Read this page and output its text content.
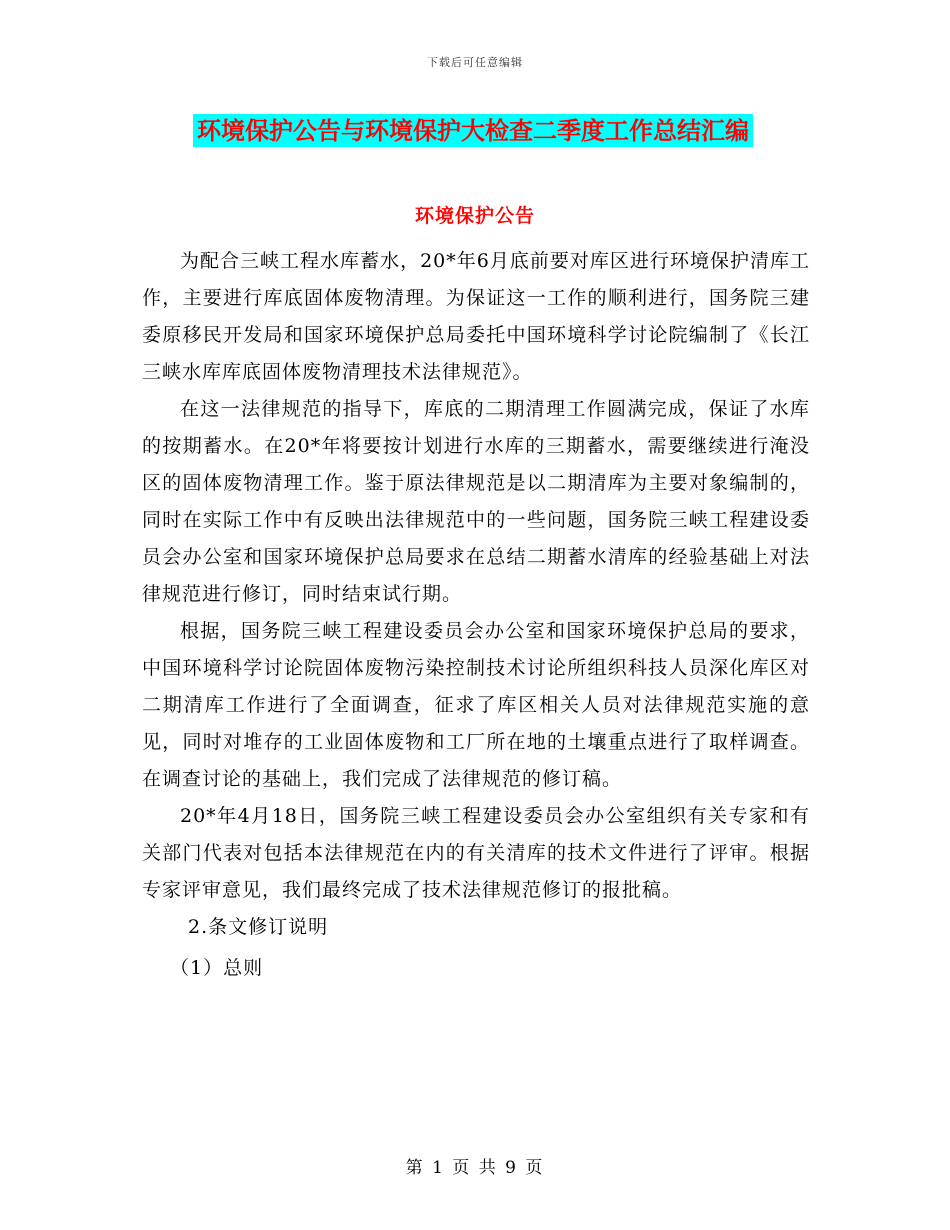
下载后可任意编辑
环境保护公告与环境保护大检查二季度工作总结汇编
环境保护公告

为配合三峡工程水库蓄水，20*年6月底前要对库区进行环境保护清库工作，主要进行库底固体废物清理。为保证这一工作的顺利进行，国务院三建委原移民开发局和国家环境保护总局委托中国环境科学讨论院编制了《长江三峡水库库底固体废物清理技术法律规范》。

在这一法律规范的指导下，库底的二期清理工作圆满完成，保证了水库的按期蓄水。在20*年将要按计划进行水库的三期蓄水，需要继续进行淹没区的固体废物清理工作。鉴于原法律规范是以二期清库为主要对象编制的，同时在实际工作中有反映出法律规范中的一些问题，国务院三峡工程建设委员会办公室和国家环境保护总局要求在总结二期蓄水清库的经验基础上对法律规范进行修订，同时结束试行期。

根据，国务院三峡工程建设委员会办公室和国家环境保护总局的要求，中国环境科学讨论院固体废物污染控制技术讨论所组织科技人员深化库区对二期清库工作进行了全面调查，征求了库区相关人员对法律规范实施的意见，同时对堆存的工业固体废物和工厂所在地的土壤重点进行了取样调查。在调查讨论的基础上，我们完成了法律规范的修订稿。

20*年4月18日，国务院三峡工程建设委员会办公室组织有关专家和有关部门代表对包括本法律规范在内的有关清库的技术文件进行了评审。根据专家评审意见，我们最终完成了技术法律规范修订的报批稿。

2.条文修订说明

（1）总则

第 1 页 共 9 页
